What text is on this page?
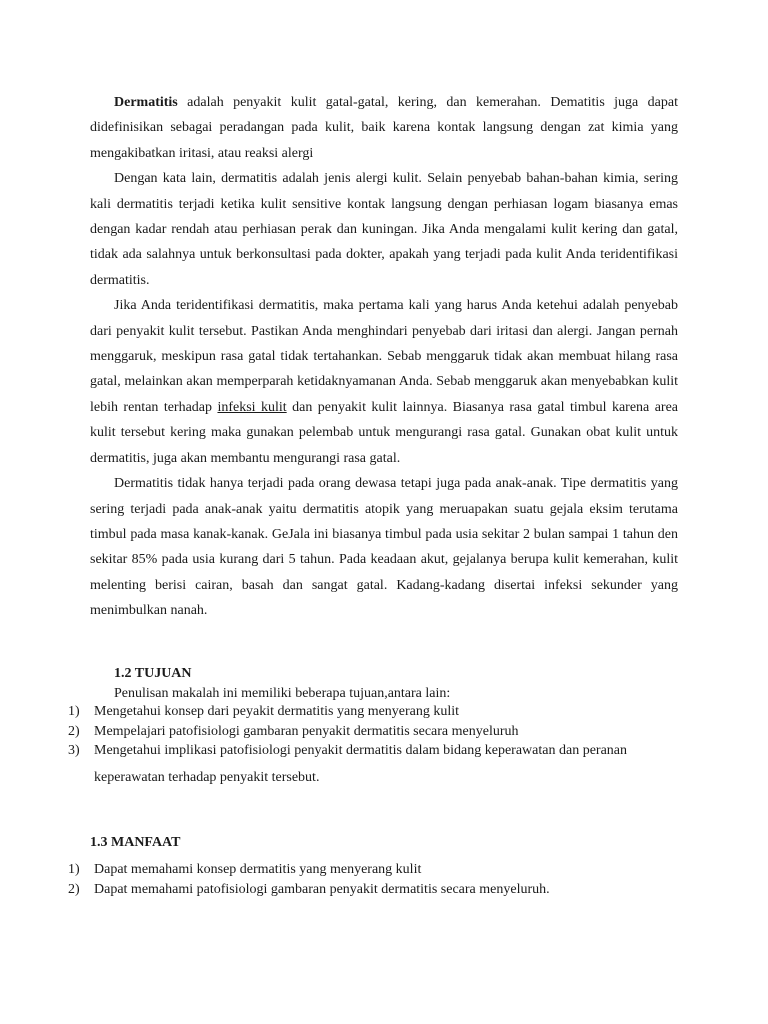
Dermatitis adalah penyakit kulit gatal-gatal, kering, dan kemerahan. Dematitis juga dapat didefinisikan sebagai peradangan pada kulit, baik karena kontak langsung dengan zat kimia yang mengakibatkan iritasi, atau reaksi alergi

Dengan kata lain, dermatitis adalah jenis alergi kulit. Selain penyebab bahan-bahan kimia, sering kali dermatitis terjadi ketika kulit sensitive kontak langsung dengan perhiasan logam biasanya emas dengan kadar rendah atau perhiasan perak dan kuningan. Jika Anda mengalami kulit kering dan gatal, tidak ada salahnya untuk berkonsultasi pada dokter, apakah yang terjadi pada kulit Anda teridentifikasi dermatitis.

Jika Anda teridentifikasi dermatitis, maka pertama kali yang harus Anda ketehui adalah penyebab dari penyakit kulit tersebut. Pastikan Anda menghindari penyebab dari iritasi dan alergi. Jangan pernah menggaruk, meskipun rasa gatal tidak tertahankan. Sebab menggaruk tidak akan membuat hilang rasa gatal, melainkan akan memperparah ketidaknyamanan Anda. Sebab menggaruk akan menyebabkan kulit lebih rentan terhadap infeksi kulit dan penyakit kulit lainnya. Biasanya rasa gatal timbul karena area kulit tersebut kering maka gunakan pelembab untuk mengurangi rasa gatal. Gunakan obat kulit untuk dermatitis, juga akan membantu mengurangi rasa gatal.

Dermatitis tidak hanya terjadi pada orang dewasa tetapi juga pada anak-anak. Tipe dermatitis yang sering terjadi pada anak-anak yaitu dermatitis atopik yang meruapakan suatu gejala eksim terutama timbul pada masa kanak-kanak. GeJala ini biasanya timbul pada usia sekitar 2 bulan sampai 1 tahun den sekitar 85% pada usia kurang dari 5 tahun. Pada keadaan akut, gejalanya berupa kulit kemerahan, kulit melenting berisi cairan, basah dan sangat gatal. Kadang-kadang disertai infeksi sekunder yang menimbulkan nanah.

1.2 TUJUAN

Penulisan makalah ini memiliki beberapa tujuan,antara lain:

1) Mengetahui konsep dari peyakit dermatitis yang menyerang kulit
2) Mempelajari patofisiologi gambaran penyakit dermatitis secara menyeluruh
3) Mengetahui implikasi patofisiologi penyakit dermatitis dalam bidang keperawatan dan peranan
keperawatan terhadap penyakit tersebut.
1.3 MANFAAT
1) Dapat memahami konsep dermatitis yang menyerang kulit
2) Dapat memahami patofisiologi gambaran penyakit dermatitis secara menyeluruh.
